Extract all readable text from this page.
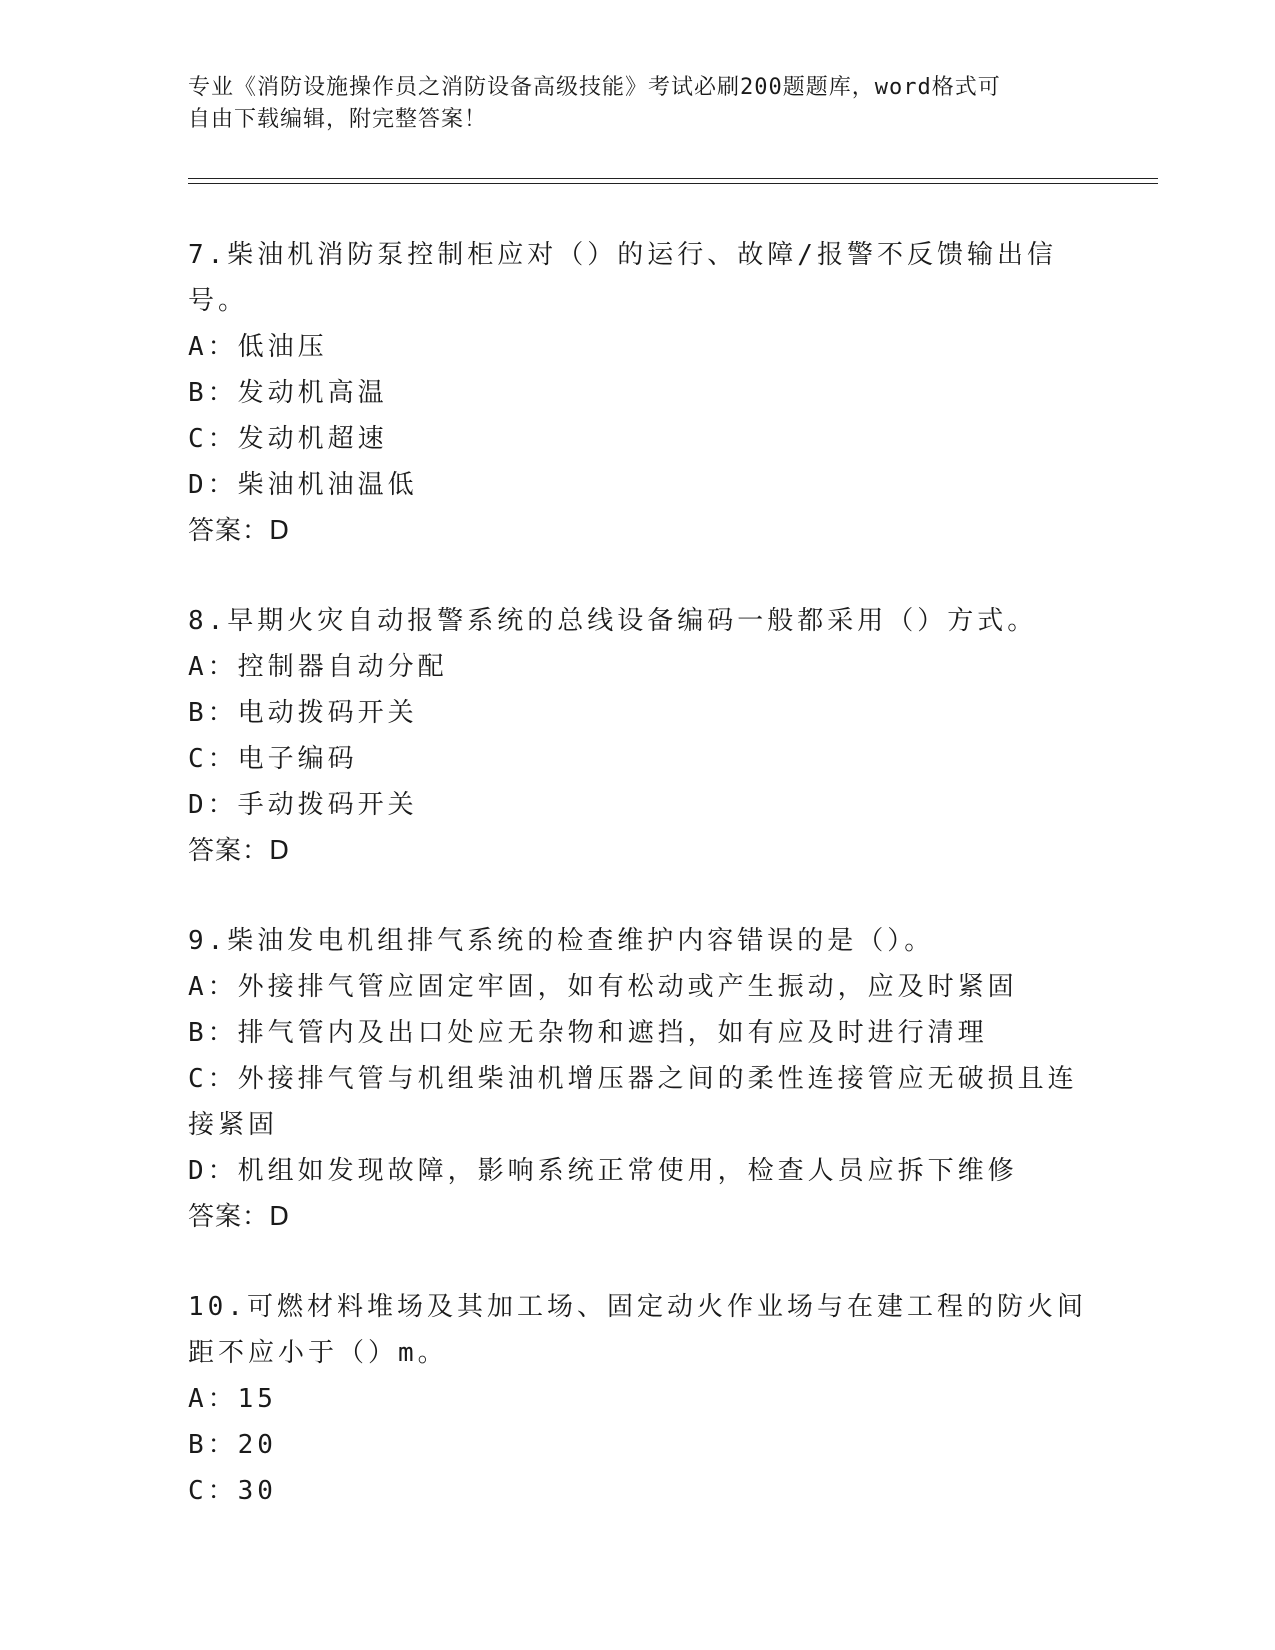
专业《消防设施操作员之消防设备高级技能》考试必刷200题题库，word格式可
自由下载编辑，附完整答案！
7.柴油机消防泵控制柜应对（）的运行、故障/报警不反馈输出信号。
A：低油压
B：发动机高温
C：发动机超速
D：柴油机油温低
答案：D
8.早期火灾自动报警系统的总线设备编码一般都采用（）方式。
A：控制器自动分配
B：电动拨码开关
C：电子编码
D：手动拨码开关
答案：D
9.柴油发电机组排气系统的检查维护内容错误的是（）。
A：外接排气管应固定牢固，如有松动或产生振动，应及时紧固
B：排气管内及出口处应无杂物和遮挡，如有应及时进行清理
C：外接排气管与机组柴油机增压器之间的柔性连接管应无破损且连接紧固
D：机组如发现故障，影响系统正常使用，检查人员应拆下维修
答案：D
10.可燃材料堆场及其加工场、固定动火作业场与在建工程的防火间距不应小于（）m。
A：15
B：20
C：30
